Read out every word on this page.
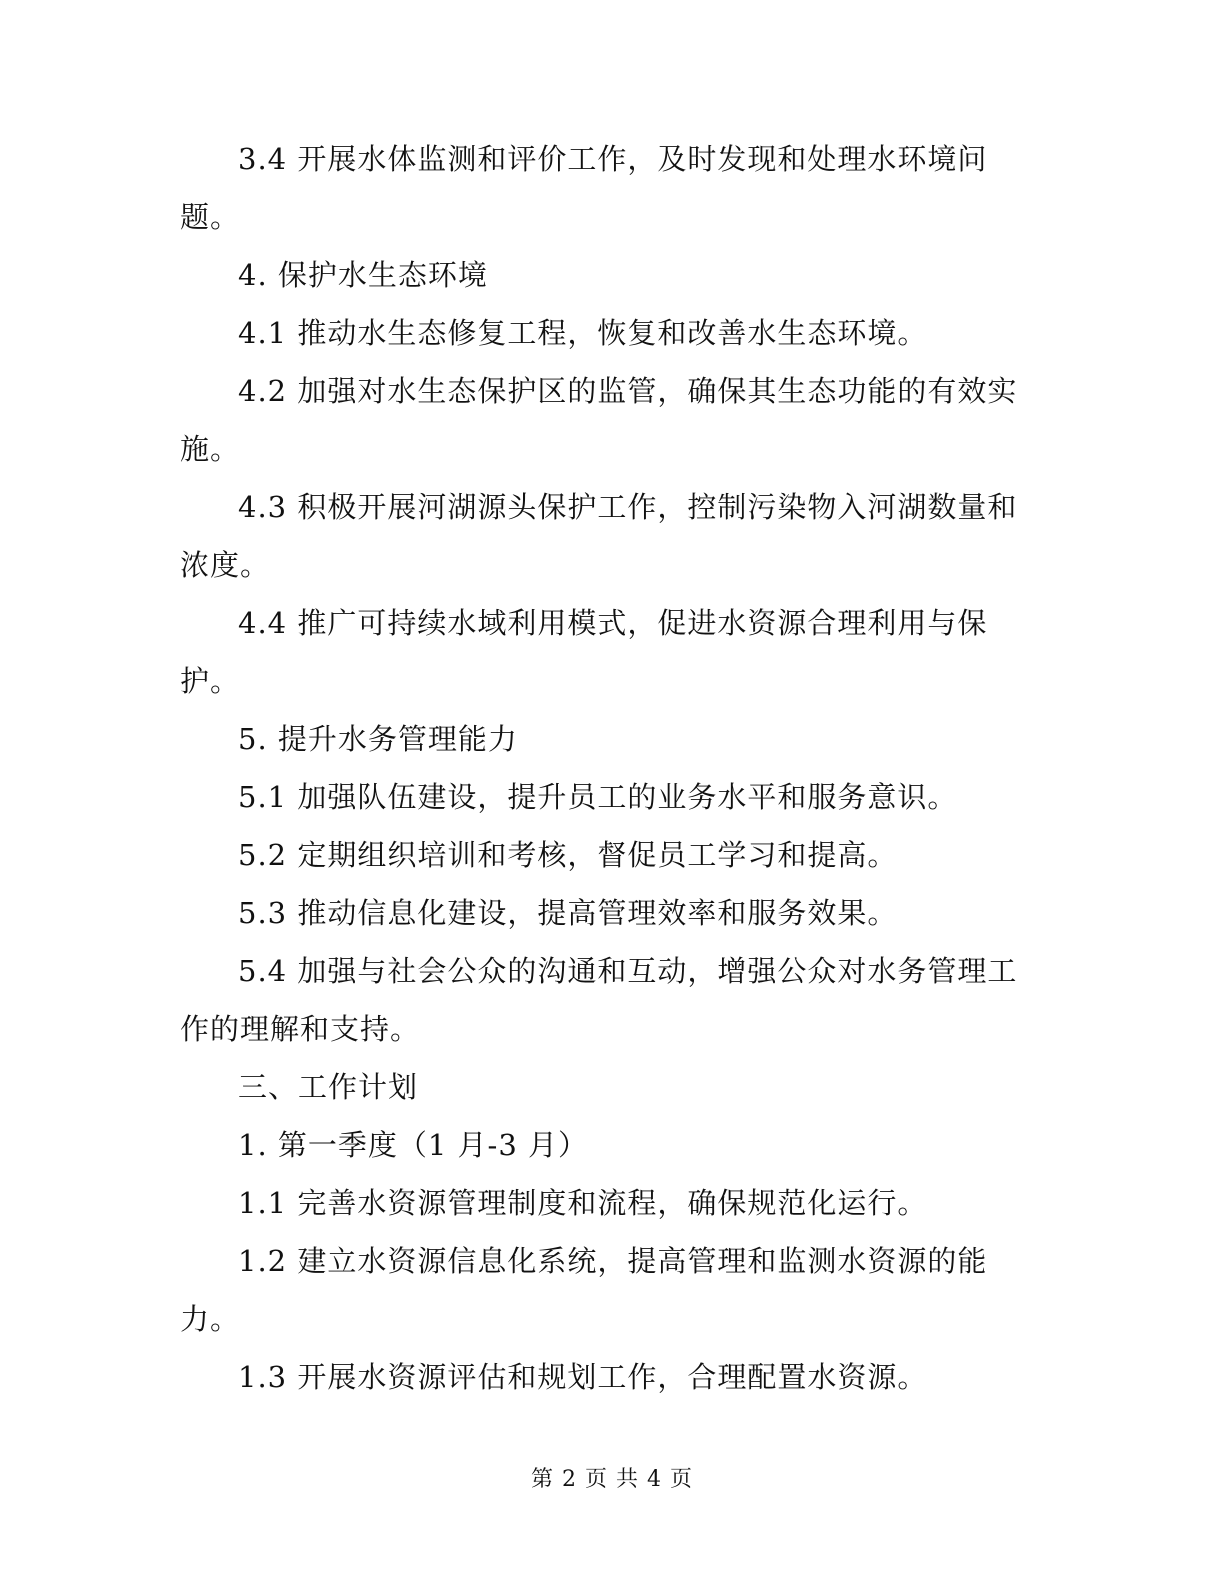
3.4 开展水体监测和评价工作，及时发现和处理水环境问题。

4. 保护水生态环境

4.1 推动水生态修复工程，恢复和改善水生态环境。

4.2 加强对水生态保护区的监管，确保其生态功能的有效实施。

4.3 积极开展河湖源头保护工作，控制污染物入河湖数量和浓度。

4.4 推广可持续水域利用模式，促进水资源合理利用与保护。

5. 提升水务管理能力

5.1 加强队伍建设，提升员工的业务水平和服务意识。

5.2 定期组织培训和考核，督促员工学习和提高。

5.3 推动信息化建设，提高管理效率和服务效果。

5.4 加强与社会公众的沟通和互动，增强公众对水务管理工作的理解和支持。

三、工作计划

1. 第一季度（1 月-3 月）

1.1 完善水资源管理制度和流程，确保规范化运行。

1.2 建立水资源信息化系统，提高管理和监测水资源的能力。

1.3 开展水资源评估和规划工作，合理配置水资源。

第 2 页 共 4 页
